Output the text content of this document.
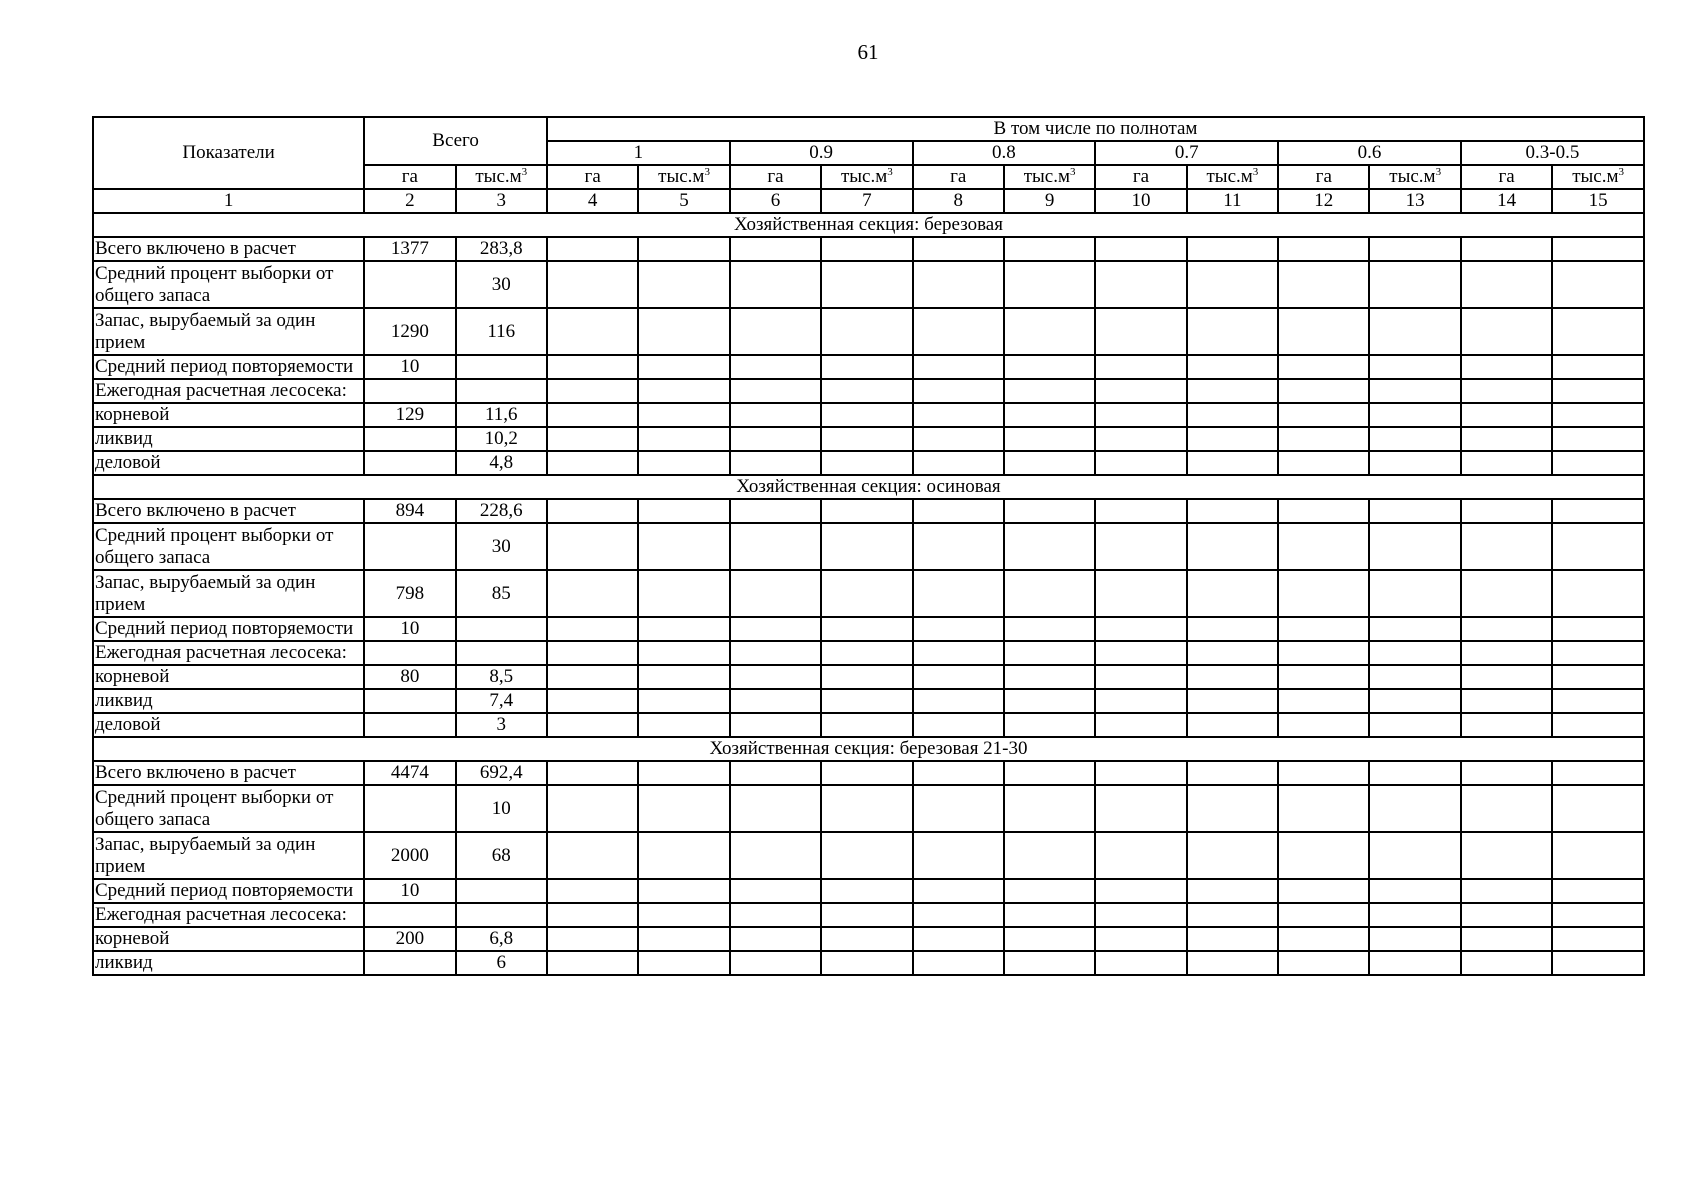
61
Показатели	Всего		В том числе по полнотам											
			1		0.9		0.8		0.7		0.6		0.3-0.5	
	га	$тыс.м^3$	га	$тыс.м^3$	га	$тыс.м^3$	га	$тыс.м^3$	га	$тыс.м^3$	га	$тыс.м^3$	га	$тыс.м^3$
1	2	3	4	5	6	7	8	9	10	11	12	13	14	15
Хозяйственная секция: березовая														
Всего включено в расчет	1377	283,8												
Средний процент выборки от общего запаса		30												
Запас, вырубаемый за один прием	1290	116												
Средний период повторяемости	10													
Ежегодная расчетная лесосека:														
корневой	129	11,6												
ликвид		10,2												
деловой		4,8												
Хозяйственная секция: осиновая														
Всего включено в расчет	894	228,6												
Средний процент выборки от общего запаса		30												
Запас, вырубаемый за один прием	798	85												
Средний период повторяемости	10													
Ежегодная расчетная лесосека:														
корневой	80	8,5												
ликвид		7,4												
деловой		3												
Хозяйственная секция: березовая 21-30														
Всего включено в расчет	4474	692,4												
Средний процент выборки от общего запаса		10												
Запас, вырубаемый за один прием	2000	68												
Средний период повторяемости	10													
Ежегодная расчетная лесосека:														
корневой	200	6,8												
ликвид		6												
